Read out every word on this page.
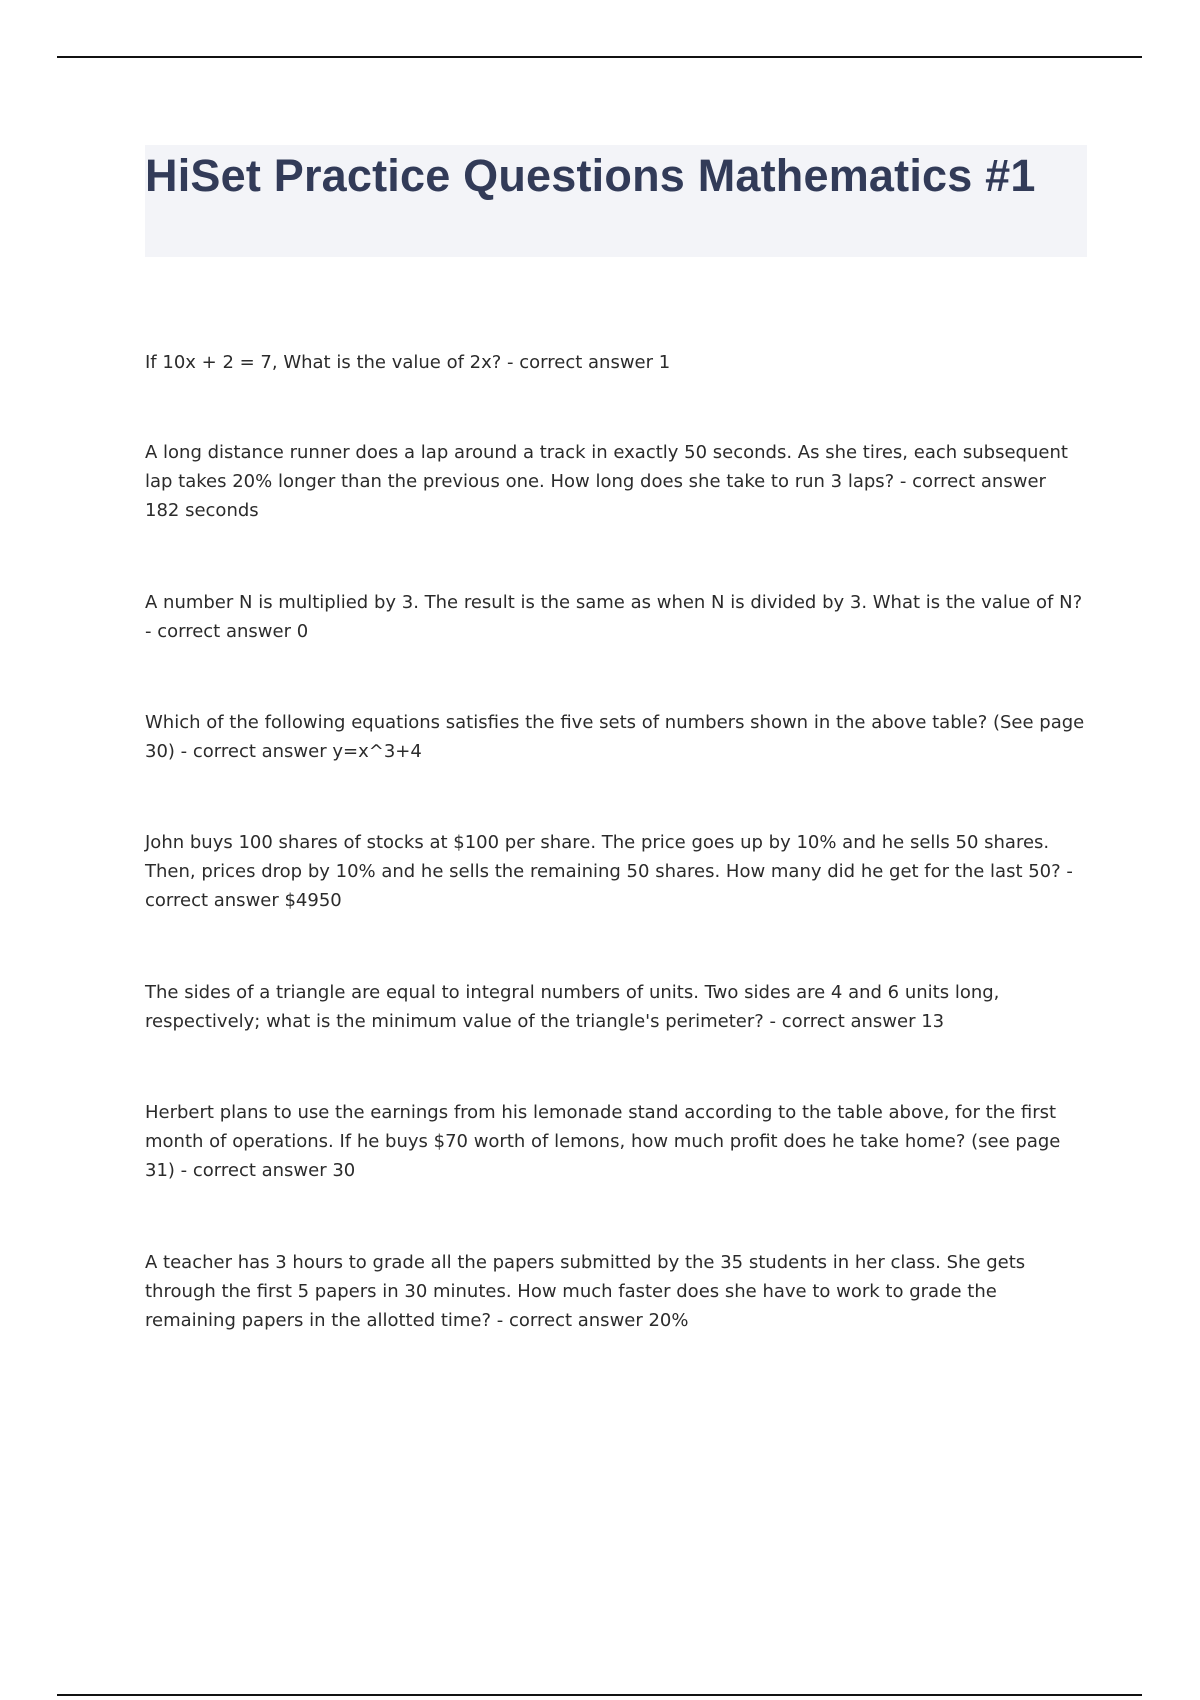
HiSet Practice Questions Mathematics #1

If 10x + 2 = 7, What is the value of 2x? - correct answer 1

A long distance runner does a lap around a track in exactly 50 seconds. As she tires, each subsequent lap takes 20% longer than the previous one. How long does she take to run 3 laps? - correct answer 182 seconds

A number N is multiplied by 3. The result is the same as when N is divided by 3. What is the value of N? - correct answer 0

Which of the following equations satisfies the five sets of numbers shown in the above table? (See page 30) - correct answer y=x^3+4

John buys 100 shares of stocks at $100 per share. The price goes up by 10% and he sells 50 shares. Then, prices drop by 10% and he sells the remaining 50 shares. How many did he get for the last 50? - correct answer $4950

The sides of a triangle are equal to integral numbers of units. Two sides are 4 and 6 units long, respectively; what is the minimum value of the triangle's perimeter? - correct answer 13

Herbert plans to use the earnings from his lemonade stand according to the table above, for the first month of operations. If he buys $70 worth of lemons, how much profit does he take home? (see page 31) - correct answer 30

A teacher has 3 hours to grade all the papers submitted by the 35 students in her class. She gets through the first 5 papers in 30 minutes. How much faster does she have to work to grade the remaining papers in the allotted time? - correct answer 20%
